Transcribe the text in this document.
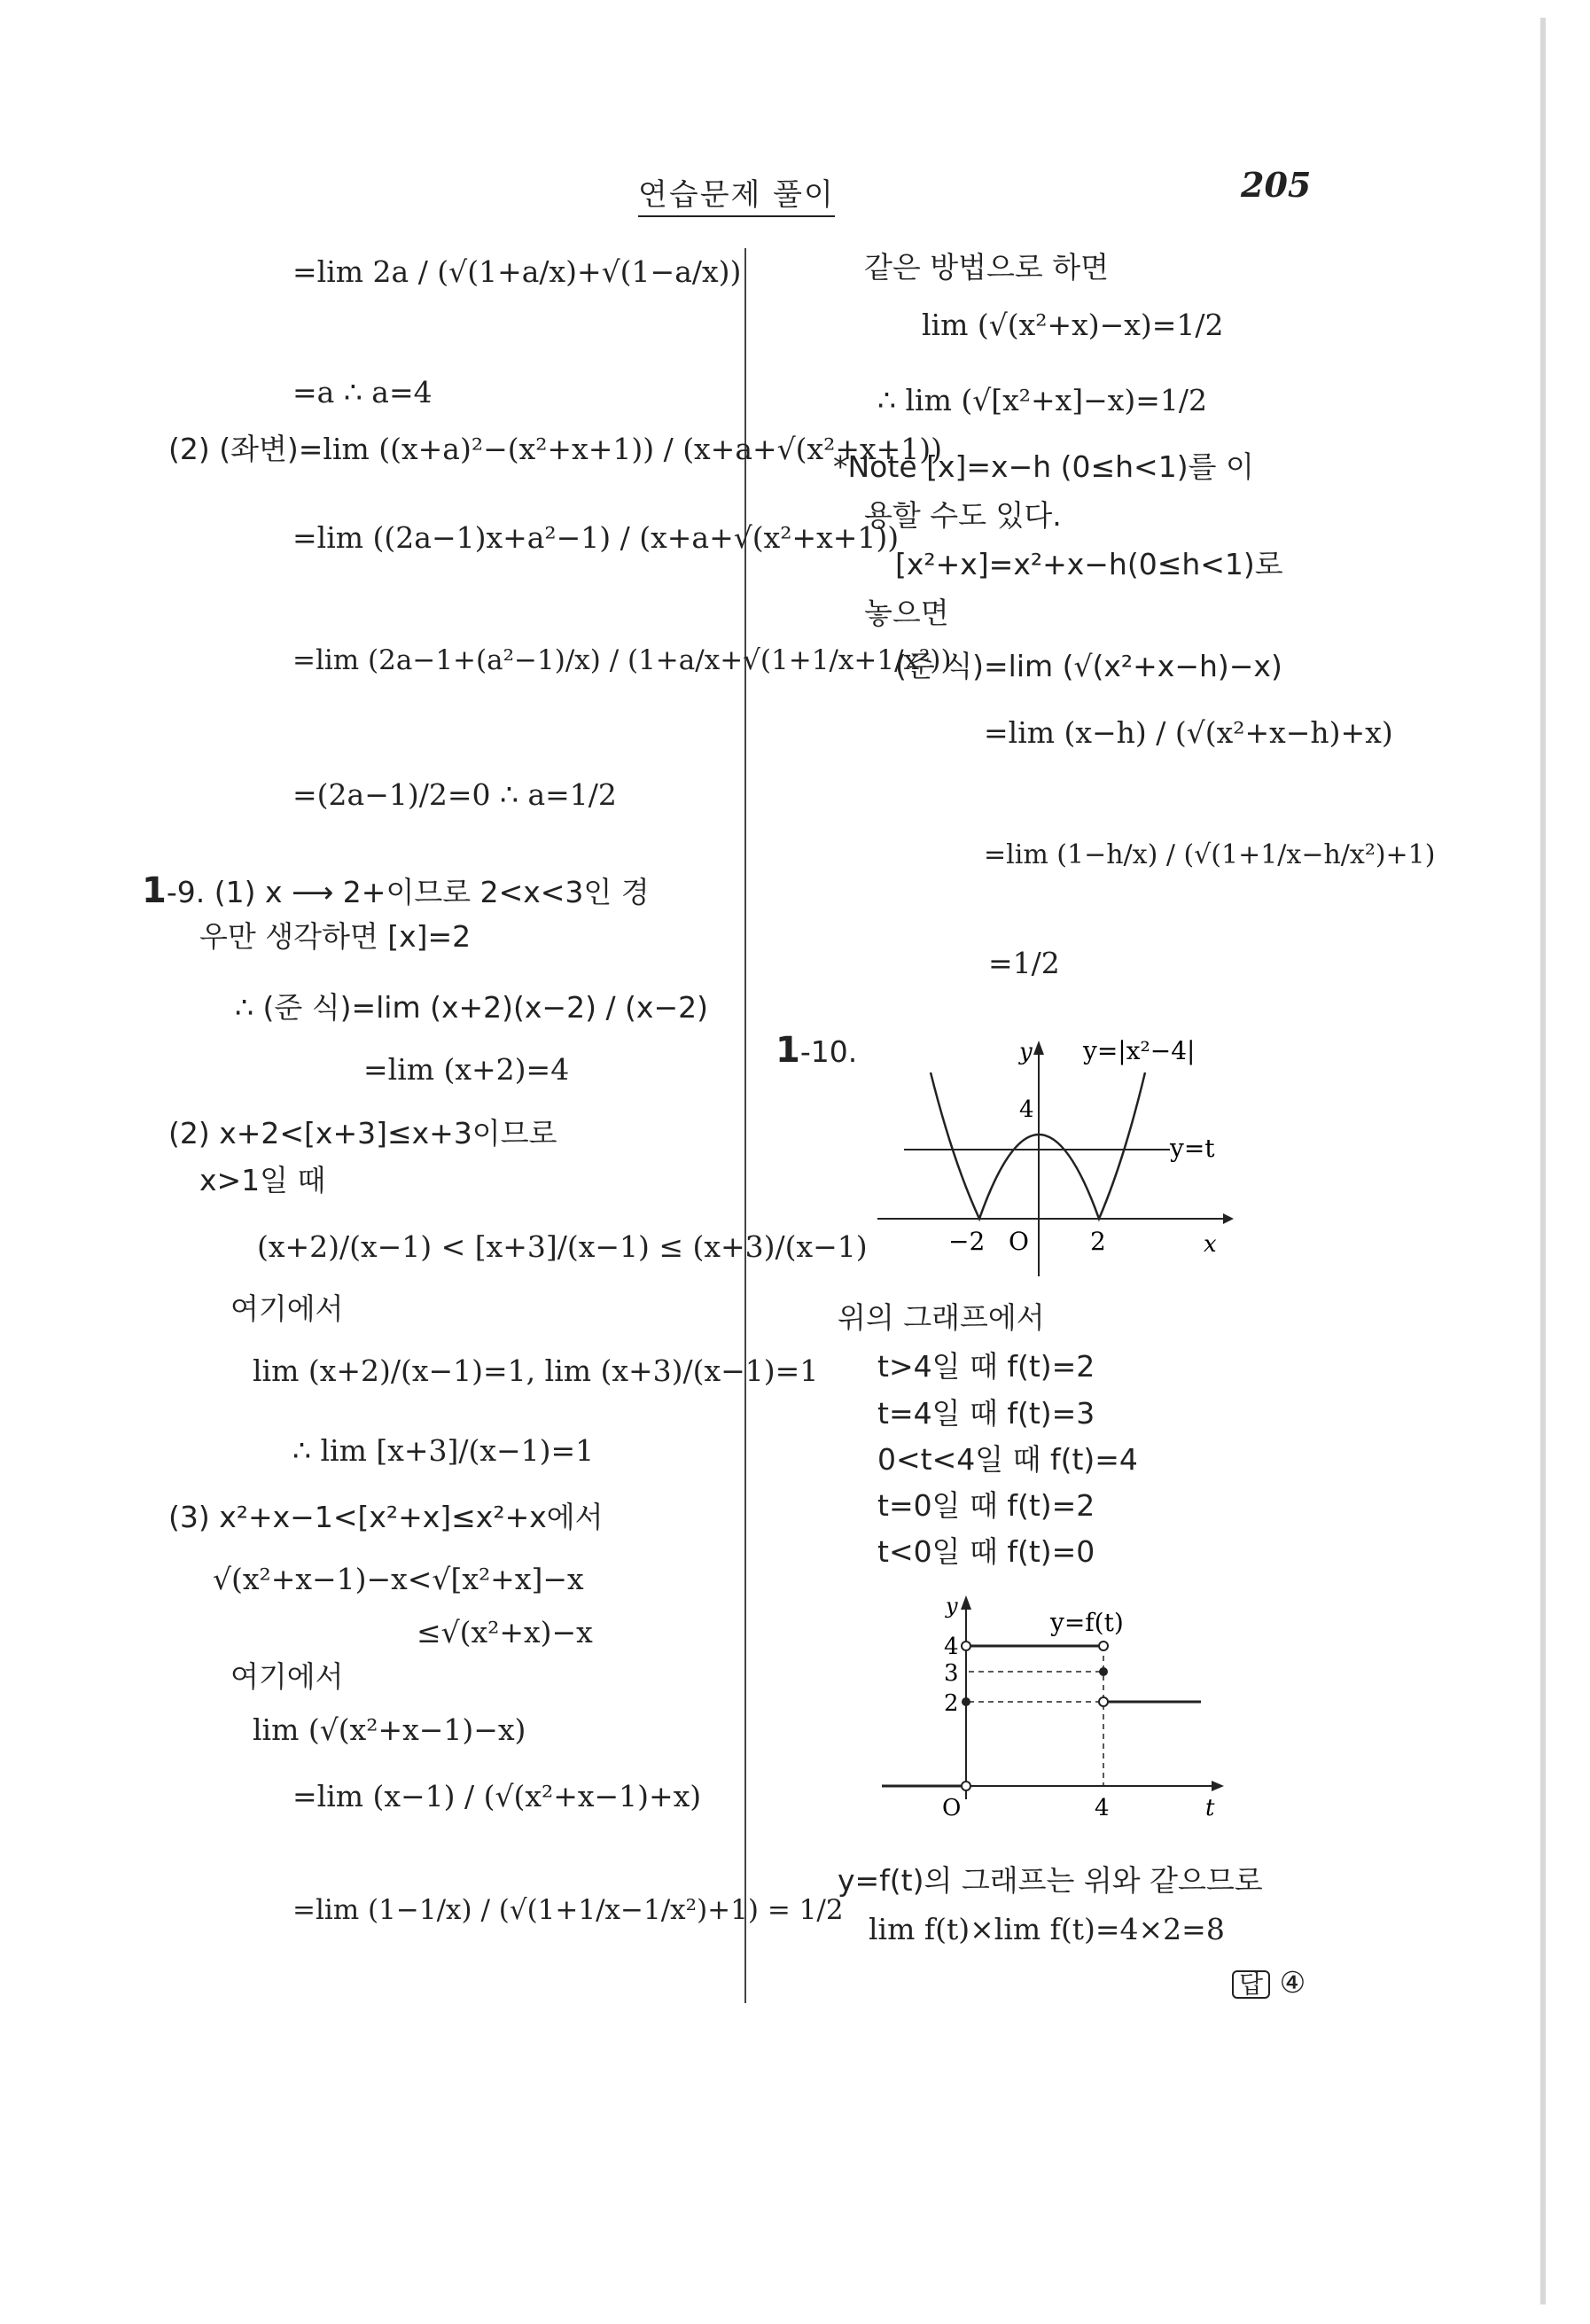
연습문제 풀이	205
=lim 2a / (√(1+a/x)+√(1−a/x))
=a ∴ a=4
(2) (좌변)=lim ((x+a)²−(x²+x+1)) / (x+a+√(x²+x+1))
=lim ((2a−1)x+a²−1) / (x+a+√(x²+x+1))
=lim (2a−1+(a²−1)/x) / (1+a/x+√(1+1/x+1/x²))
=(2a−1)/2=0 ∴ a=1/2
1-9. (1) x ⟶ 2+이므로 2<x<3인 경
우만 생각하면 [x]=2
∴ (준 식)=lim (x+2)(x−2) / (x−2)
=lim (x+2)=4
(2) x+2<[x+3]≤x+3이므로
x>1일 때
(x+2)/(x−1) < [x+3]/(x−1) ≤ (x+3)/(x−1)
여기에서
lim (x+2)/(x−1)=1, lim (x+3)/(x−1)=1
∴ lim [x+3]/(x−1)=1
(3) x²+x−1<[x²+x]≤x²+x에서
√(x²+x−1)−x<√[x²+x]−x
≤√(x²+x)−x
여기에서
lim (√(x²+x−1)−x)
=lim (x−1) / (√(x²+x−1)+x)
=lim (1−1/x) / (√(1+1/x−1/x²)+1) = 1/2
같은 방법으로 하면
lim (√(x²+x)−x)=1/2
∴ lim (√[x²+x]−x)=1/2
*Note [x]=x−h (0≤h<1)를 이
용할 수도 있다.
[x²+x]=x²+x−h(0≤h<1)로
놓으면
(준 식)=lim (√(x²+x−h)−x)
=lim (x−h) / (√(x²+x−h)+x)
=lim (1−h/x) / (√(1+1/x−h/x²)+1)
=1/2
1-10.	y y=|x²−4|
y=t
4
−2 O 2	x
위의 그래프에서
t>4일 때 f(t)=2
t=4일 때 f(t)=3
0<t<4일 때 f(t)=4
t=0일 때 f(t)=2
t<0일 때 f(t)=0
y
y=f(t)
4
3
2
O	4	t
y=f(t)의 그래프는 위와 같으므로
lim f(t)×lim f(t)=4×2=8
답 ④
